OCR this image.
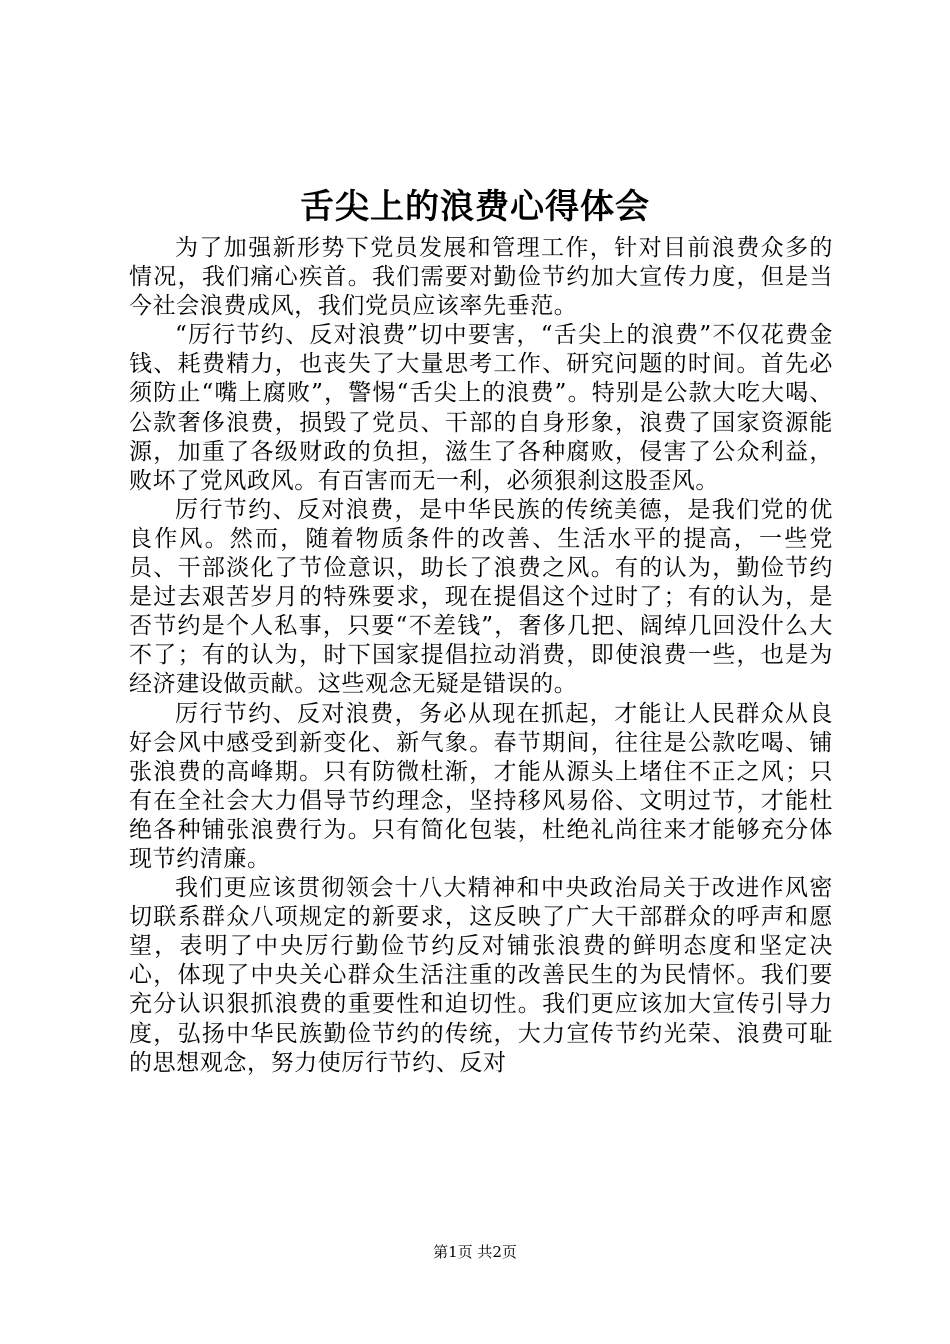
舌尖上的浪费心得体会

为了加强新形势下党员发展和管理工作，针对目前浪费众多的情况，我们痛心疾首。我们需要对勤俭节约加大宣传力度，但是当今社会浪费成风，我们党员应该率先垂范。

“厉行节约、反对浪费”切中要害，“舌尖上的浪费”不仅花费金钱、耗费精力，也丧失了大量思考工作、研究问题的时间。首先必须防止“嘴上腐败”，警惕“舌尖上的浪费”。特别是公款大吃大喝、公款奢侈浪费，损毁了党员、干部的自身形象，浪费了国家资源能源，加重了各级财政的负担，滋生了各种腐败，侵害了公众利益，败坏了党风政风。有百害而无一利，必须狠刹这股歪风。

厉行节约、反对浪费，是中华民族的传统美德，是我们党的优良作风。然而，随着物质条件的改善、生活水平的提高，一些党员、干部淡化了节俭意识，助长了浪费之风。有的认为，勤俭节约是过去艰苦岁月的特殊要求，现在提倡这个过时了；有的认为，是否节约是个人私事，只要“不差钱”，奢侈几把、阔绰几回没什么大不了；有的认为，时下国家提倡拉动消费，即使浪费一些，也是为经济建设做贡献。这些观念无疑是错误的。

厉行节约、反对浪费，务必从现在抓起，才能让人民群众从良好会风中感受到新变化、新气象。春节期间，往往是公款吃喝、铺张浪费的高峰期。只有防微杜渐，才能从源头上堵住不正之风；只有在全社会大力倡导节约理念，坚持移风易俗、文明过节，才能杜绝各种铺张浪费行为。只有简化包装，杜绝礼尚往来才能够充分体现节约清廉。

我们更应该贯彻领会十八大精神和中央政治局关于改进作风密切联系群众八项规定的新要求，这反映了广大干部群众的呼声和愿望，表明了中央厉行勤俭节约反对铺张浪费的鲜明态度和坚定决心，体现了中央关心群众生活注重的改善民生的为民情怀。我们要充分认识狠抓浪费的重要性和迫切性。我们更应该加大宣传引导力度，弘扬中华民族勤俭节约的传统，大力宣传节约光荣、浪费可耻的思想观念，努力使厉行节约、反对

第1页 共2页
